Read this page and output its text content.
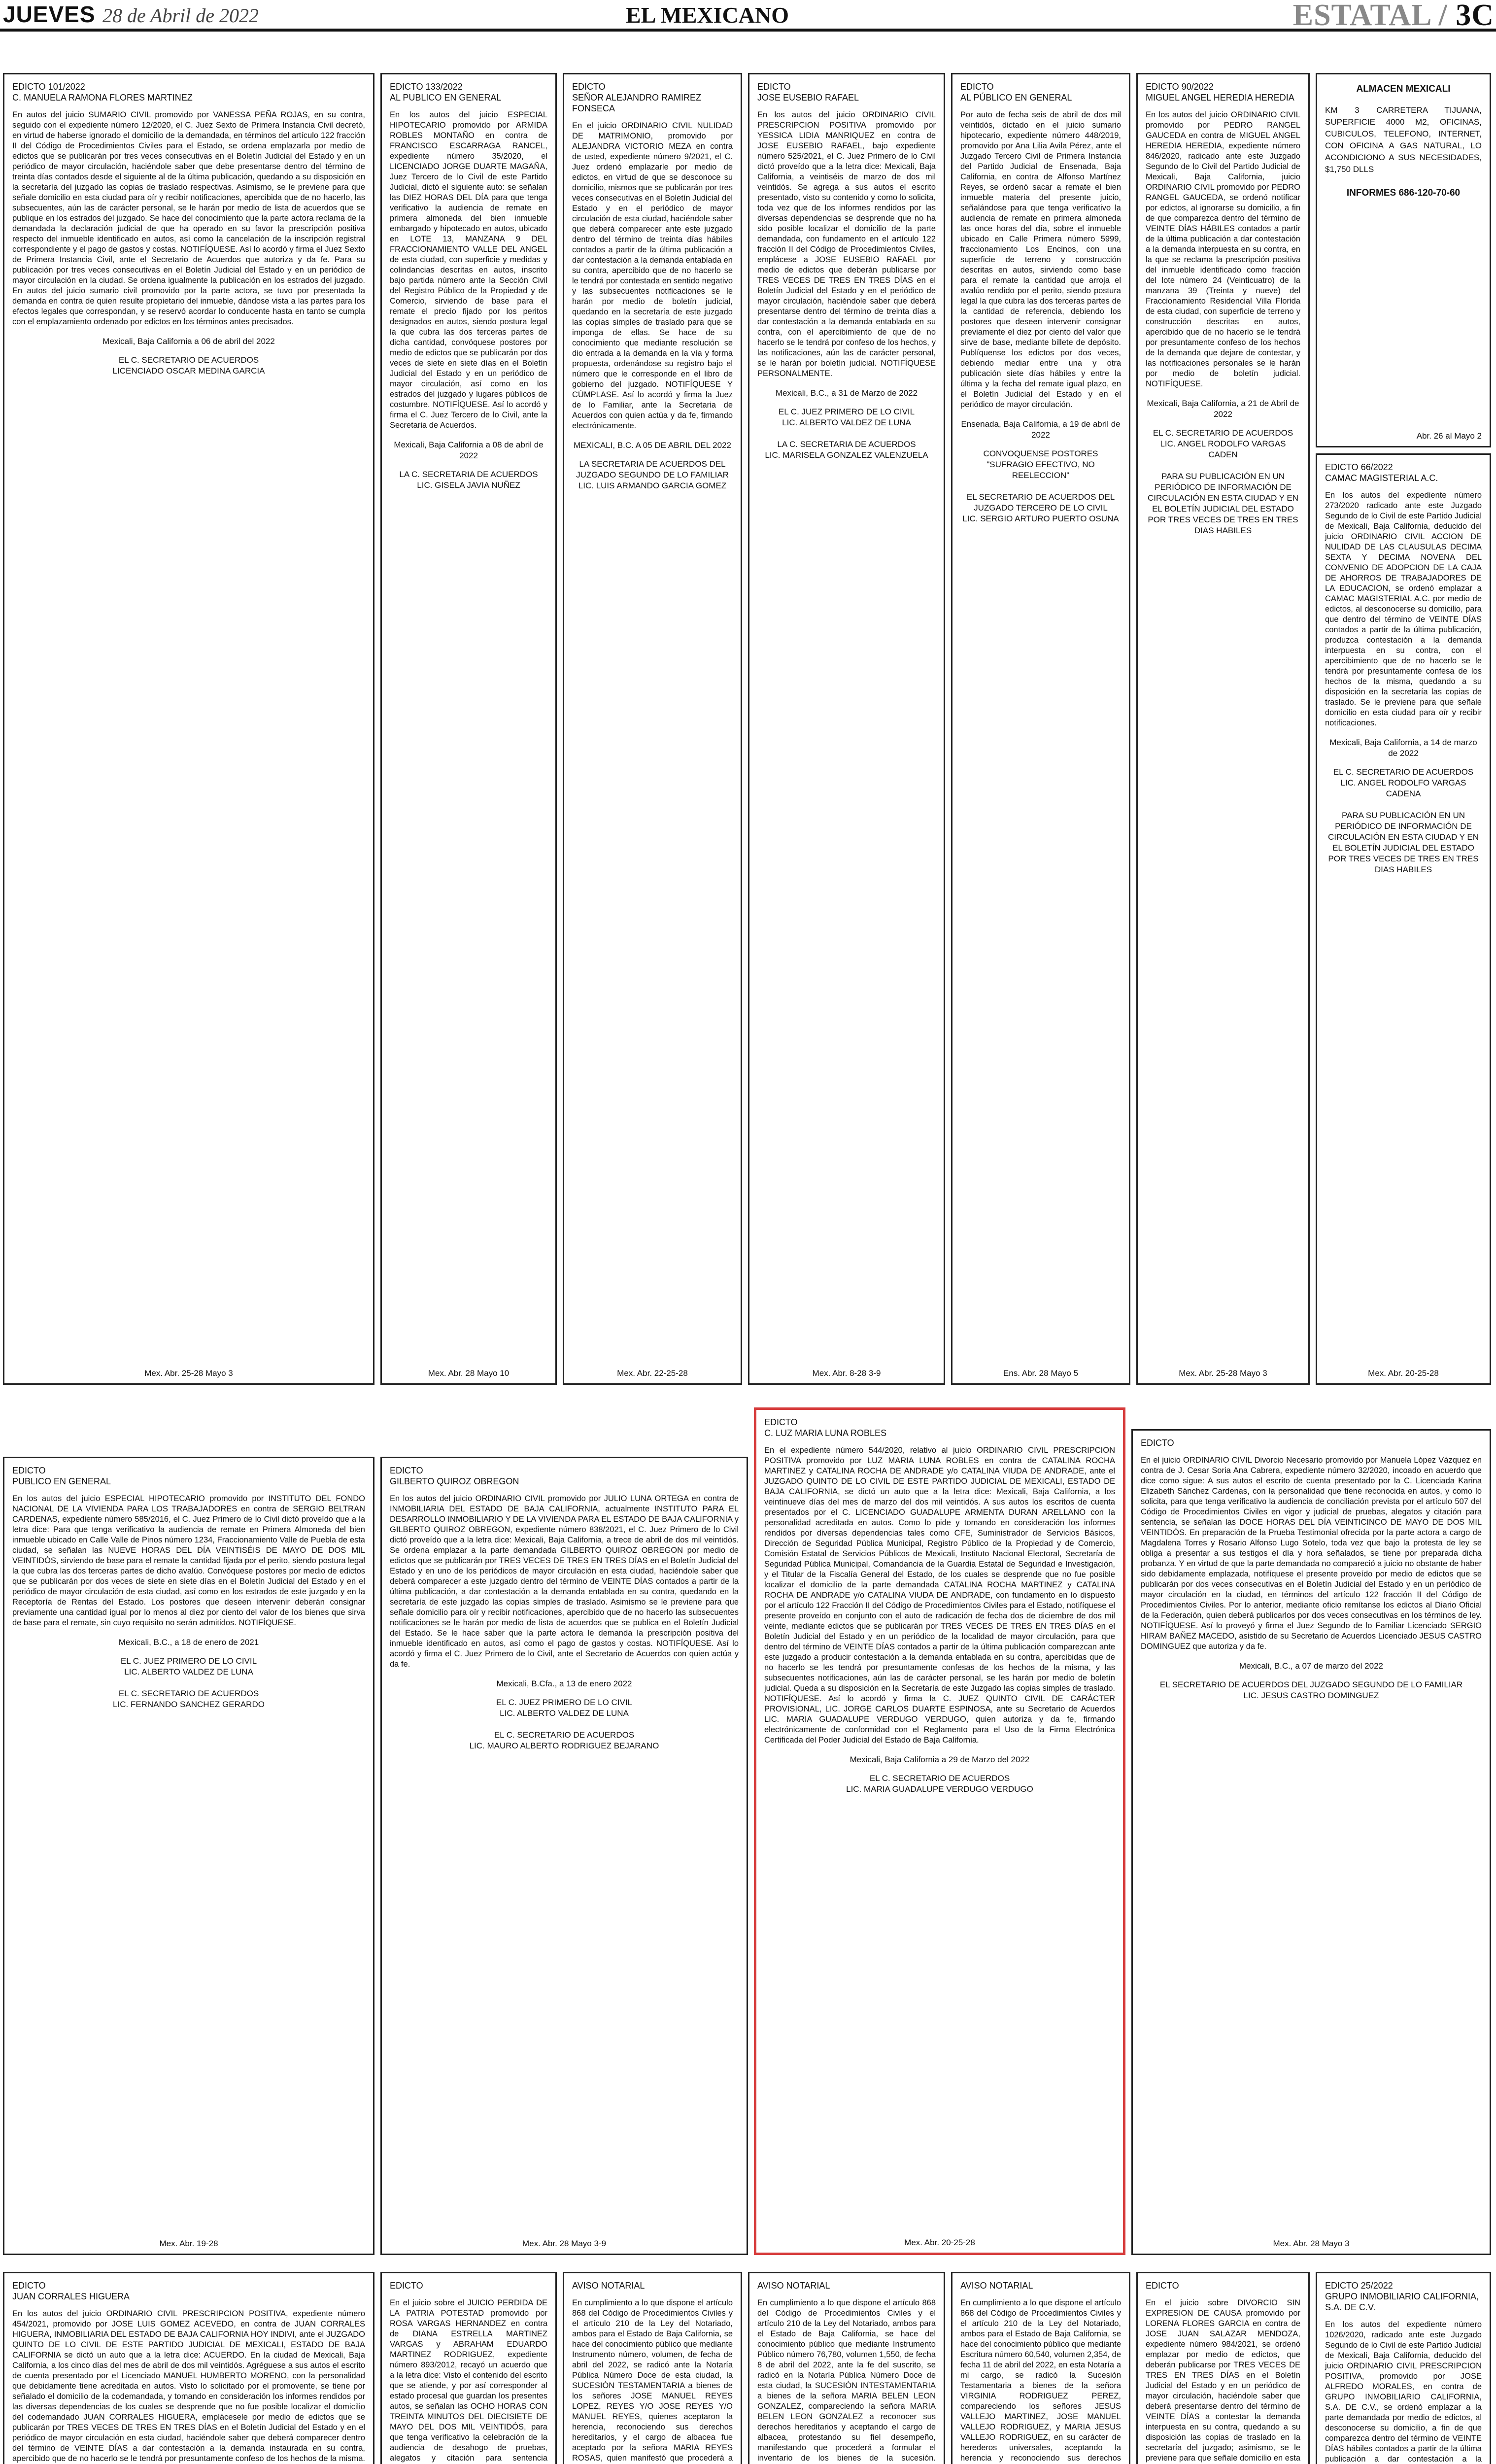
JUEVES 28 de Abril de 2022	EL MEXICANO	ESTATAL / 3C
EDICTO 101/2022
C. MANUELA RAMONA FLORES MARTINEZ
En autos del juicio SUMARIO CIVIL promovido por VANESSA PEÑA ROJAS, en su contra, seguido con el expediente número 12/2020, el C. Juez Sexto de Primera Instancia Civil decretó, en virtud de haberse ignorado el domicilio de la demandada, en términos del artículo 122 fracción II del Código de Procedimientos Civiles para el Estado, se ordena emplazarla por medio de edictos que se publicarán por tres veces consecutivas en el Boletín Judicial del Estado y en un periódico de mayor circulación, haciéndole saber que debe presentarse dentro del término de treinta días contados desde el siguiente al de la última publicación, quedando a su disposición en la secretaría del juzgado las copias de traslado respectivas. Asimismo, se le previene para que señale domicilio en esta ciudad para oír y recibir notificaciones, apercibida que de no hacerlo, las subsecuentes, aún las de carácter personal, se le harán por medio de lista de acuerdos que se publique en los estrados del juzgado. Se hace del conocimiento que la parte actora reclama de la demandada la declaración judicial de que ha operado en su favor la prescripción positiva respecto del inmueble identificado en autos, así como la cancelación de la inscripción registral correspondiente y el pago de gastos y costas. NOTIFÍQUESE. Así lo acordó y firma el Juez Sexto de Primera Instancia Civil, ante el Secretario de Acuerdos que autoriza y da fe. Para su publicación por tres veces consecutivas en el Boletín Judicial del Estado y en un periódico de mayor circulación en la ciudad. Se ordena igualmente la publicación en los estrados del juzgado. En autos del juicio sumario civil promovido por la parte actora, se tuvo por presentada la demanda en contra de quien resulte propietario del inmueble, dándose vista a las partes para los efectos legales que correspondan, y se reservó acordar lo conducente hasta en tanto se cumpla con el emplazamiento ordenado por edictos en los términos antes precisados.
Mexicali, Baja California a 06 de abril del 2022
EL C. SECRETARIO DE ACUERDOS
LICENCIADO OSCAR MEDINA GARCIA
Mex. Abr. 25-28 Mayo 3
EDICTO 133/2022
AL PUBLICO EN GENERAL
En los autos del juicio ESPECIAL HIPOTECARIO promovido por ARMIDA ROBLES MONTAÑO en contra de FRANCISCO ESCARRAGA RANCEL, expediente número 35/2020, el LICENCIADO JORGE DUARTE MAGAÑA, Juez Tercero de lo Civil de este Partido Judicial, dictó el siguiente auto: se señalan las DIEZ HORAS DEL DÍA para que tenga verificativo la audiencia de remate en primera almoneda del bien inmueble embargado y hipotecado en autos, ubicado en LOTE 13, MANZANA 9 DEL FRACCIONAMIENTO VALLE DEL ANGEL de esta ciudad, con superficie y medidas y colindancias descritas en autos, inscrito bajo partida número ante la Sección Civil del Registro Público de la Propiedad y de Comercio, sirviendo de base para el remate el precio fijado por los peritos designados en autos, siendo postura legal la que cubra las dos terceras partes de dicha cantidad, convóquese postores por medio de edictos que se publicarán por dos veces de siete en siete días en el Boletín Judicial del Estado y en un periódico de mayor circulación, así como en los estrados del juzgado y lugares públicos de costumbre. NOTIFÍQUESE. Así lo acordó y firma el C. Juez Tercero de lo Civil, ante la Secretaria de Acuerdos.
Mexicali, Baja California a 08 de abril de 2022
LA C. SECRETARIA DE ACUERDOS
LIC. GISELA JAVIA NUÑEZ
Mex. Abr. 28 Mayo 10
EDICTO
SEÑOR ALEJANDRO RAMIREZ FONSECA
En el juicio ORDINARIO CIVIL NULIDAD DE MATRIMONIO, promovido por ALEJANDRA VICTORIO MEZA en contra de usted, expediente número 9/2021, el C. Juez ordenó emplazarle por medio de edictos, en virtud de que se desconoce su domicilio, mismos que se publicarán por tres veces consecutivas en el Boletín Judicial del Estado y en el periódico de mayor circulación de esta ciudad, haciéndole saber que deberá comparecer ante este juzgado dentro del término de treinta días hábiles contados a partir de la última publicación a dar contestación a la demanda entablada en su contra, apercibido que de no hacerlo se le tendrá por contestada en sentido negativo y las subsecuentes notificaciones se le harán por medio de boletín judicial, quedando en la secretaría de este juzgado las copias simples de traslado para que se imponga de ellas. Se hace de su conocimiento que mediante resolución se dio entrada a la demanda en la vía y forma propuesta, ordenándose su registro bajo el número que le corresponde en el libro de gobierno del juzgado. NOTIFÍQUESE Y CÚMPLASE. Así lo acordó y firma la Juez de lo Familiar, ante la Secretaria de Acuerdos con quien actúa y da fe, firmando electrónicamente.
MEXICALI, B.C. A 05 DE ABRIL DEL 2022
LA SECRETARIA DE ACUERDOS DEL JUZGADO SEGUNDO DE LO FAMILIAR
LIC. LUIS ARMANDO GARCIA GOMEZ
Mex. Abr. 22-25-28
EDICTO
JOSE EUSEBIO RAFAEL
En los autos del juicio ORDINARIO CIVIL PRESCRIPCION POSITIVA promovido por YESSICA LIDIA MANRIQUEZ en contra de JOSE EUSEBIO RAFAEL, bajo expediente número 525/2021, el C. Juez Primero de lo Civil dictó proveído que a la letra dice: Mexicali, Baja California, a veintiséis de marzo de dos mil veintidós. Se agrega a sus autos el escrito presentado, visto su contenido y como lo solicita, toda vez que de los informes rendidos por las diversas dependencias se desprende que no ha sido posible localizar el domicilio de la parte demandada, con fundamento en el artículo 122 fracción II del Código de Procedimientos Civiles, emplácese a JOSE EUSEBIO RAFAEL por medio de edictos que deberán publicarse por TRES VECES DE TRES EN TRES DÍAS en el Boletín Judicial del Estado y en el periódico de mayor circulación, haciéndole saber que deberá presentarse dentro del término de treinta días a dar contestación a la demanda entablada en su contra, con el apercibimiento de que de no hacerlo se le tendrá por confeso de los hechos, y las notificaciones, aún las de carácter personal, se le harán por boletín judicial. NOTIFÍQUESE PERSONALMENTE.
Mexicali, B.C., a 31 de Marzo de 2022
EL C. JUEZ PRIMERO DE LO CIVIL
LIC. ALBERTO VALDEZ DE LUNA

LA C. SECRETARIA DE ACUERDOS
LIC. MARISELA GONZALEZ VALENZUELA
Mex. Abr. 8-28 3-9
EDICTO
AL PÚBLICO EN GENERAL
Por auto de fecha seis de abril de dos mil veintidós, dictado en el juicio sumario hipotecario, expediente número 448/2019, promovido por Ana Lilia Avila Pérez, ante el Juzgado Tercero Civil de Primera Instancia del Partido Judicial de Ensenada, Baja California, en contra de Alfonso Martínez Reyes, se ordenó sacar a remate el bien inmueble materia del presente juicio, señalándose para que tenga verificativo la audiencia de remate en primera almoneda las once horas del día, sobre el inmueble ubicado en Calle Primera número 5999, fraccionamiento Los Encinos, con una superficie de terreno y construcción descritas en autos, sirviendo como base para el remate la cantidad que arroja el avalúo rendido por el perito, siendo postura legal la que cubra las dos terceras partes de la cantidad de referencia, debiendo los postores que deseen intervenir consignar previamente el diez por ciento del valor que sirve de base, mediante billete de depósito. Publíquense los edictos por dos veces, debiendo mediar entre una y otra publicación siete días hábiles y entre la última y la fecha del remate igual plazo, en el Boletín Judicial del Estado y en el periódico de mayor circulación.
Ensenada, Baja California, a 19 de abril de 2022
CONVOQUENSE POSTORES
"SUFRAGIO EFECTIVO, NO REELECCION"

EL SECRETARIO DE ACUERDOS DEL JUZGADO TERCERO DE LO CIVIL
LIC. SERGIO ARTURO PUERTO OSUNA
Ens. Abr. 28 Mayo 5
EDICTO 90/2022
MIGUEL ANGEL HEREDIA HEREDIA
En los autos del juicio ORDINARIO CIVIL promovido por PEDRO RANGEL GAUCEDA en contra de MIGUEL ANGEL HEREDIA HEREDIA, expediente número 846/2020, radicado ante este Juzgado Segundo de lo Civil del Partido Judicial de Mexicali, Baja California, juicio ORDINARIO CIVIL promovido por PEDRO RANGEL GAUCEDA, se ordenó notificar por edictos, al ignorarse su domicilio, a fin de que comparezca dentro del término de VEINTE DÍAS HÁBILES contados a partir de la última publicación a dar contestación a la demanda interpuesta en su contra, en la que se reclama la prescripción positiva del inmueble identificado como fracción del lote número 24 (Veinticuatro) de la manzana 39 (Treinta y nueve) del Fraccionamiento Residencial Villa Florida de esta ciudad, con superficie de terreno y construcción descritas en autos, apercibido que de no hacerlo se le tendrá por presuntamente confeso de los hechos de la demanda que dejare de contestar, y las notificaciones personales se le harán por medio de boletín judicial. NOTIFÍQUESE.
Mexicali, Baja California, a 21 de Abril de 2022
EL C. SECRETARIO DE ACUERDOS
LIC. ANGEL RODOLFO VARGAS CADEN

PARA SU PUBLICACIÓN EN UN PERIÓDICO DE INFORMACIÓN DE CIRCULACIÓN EN ESTA CIUDAD Y EN EL BOLETÍN JUDICIAL DEL ESTADO POR TRES VECES DE TRES EN TRES DIAS HABILES
Mex. Abr. 25-28 Mayo 3
ALMACEN MEXICALI
KM 3 CARRETERA TIJUANA, SUPERFICIE 4000 M2, OFICINAS, CUBICULOS, TELEFONO, INTERNET, CON OFICINA A GAS NATURAL, LO ACONDICIONO A SUS NECESIDADES, $1,750 DLLS
INFORMES 686-120-70-60
Abr. 26 al Mayo 2
EDICTO 66/2022
CAMAC MAGISTERIAL A.C.
En los autos del expediente número 273/2020 radicado ante este Juzgado Segundo de lo Civil de este Partido Judicial de Mexicali, Baja California, deducido del juicio ORDINARIO CIVIL ACCION DE NULIDAD DE LAS CLAUSULAS DECIMA SEXTA Y DECIMA NOVENA DEL CONVENIO DE ADOPCION DE LA CAJA DE AHORROS DE TRABAJADORES DE LA EDUCACION, se ordenó emplazar a CAMAC MAGISTERIAL A.C. por medio de edictos, al desconocerse su domicilio, para que dentro del término de VEINTE DÍAS contados a partir de la última publicación, produzca contestación a la demanda interpuesta en su contra, con el apercibimiento que de no hacerlo se le tendrá por presuntamente confesa de los hechos de la misma, quedando a su disposición en la secretaría las copias de traslado. Se le previene para que señale domicilio en esta ciudad para oír y recibir notificaciones.
Mexicali, Baja California, a 14 de marzo de 2022
EL C. SECRETARIO DE ACUERDOS
LIC. ANGEL RODOLFO VARGAS CADENA

PARA SU PUBLICACIÓN EN UN PERIÓDICO DE INFORMACIÓN DE CIRCULACIÓN EN ESTA CIUDAD Y EN EL BOLETÍN JUDICIAL DEL ESTADO POR TRES VECES DE TRES EN TRES DIAS HABILES
Mex. Abr. 20-25-28
EDICTO
PUBLICO EN GENERAL
En los autos del juicio ESPECIAL HIPOTECARIO promovido por INSTITUTO DEL FONDO NACIONAL DE LA VIVIENDA PARA LOS TRABAJADORES en contra de SERGIO BELTRAN CARDENAS, expediente número 585/2016, el C. Juez Primero de lo Civil dictó proveído que a la letra dice: Para que tenga verificativo la audiencia de remate en Primera Almoneda del bien inmueble ubicado en Calle Valle de Pinos número 1234, Fraccionamiento Valle de Puebla de esta ciudad, se señalan las NUEVE HORAS DEL DÍA VEINTISÉIS DE MAYO DE DOS MIL VEINTIDÓS, sirviendo de base para el remate la cantidad fijada por el perito, siendo postura legal la que cubra las dos terceras partes de dicho avalúo. Convóquese postores por medio de edictos que se publicarán por dos veces de siete en siete días en el Boletín Judicial del Estado y en el periódico de mayor circulación de esta ciudad, así como en los estrados de este juzgado y en la Receptoría de Rentas del Estado. Los postores que deseen intervenir deberán consignar previamente una cantidad igual por lo menos al diez por ciento del valor de los bienes que sirva de base para el remate, sin cuyo requisito no serán admitidos. NOTIFÍQUESE.
Mexicali, B.C., a 18 de enero de 2021
EL C. JUEZ PRIMERO DE LO CIVIL
LIC. ALBERTO VALDEZ DE LUNA

EL C. SECRETARIO DE ACUERDOS
LIC. FERNANDO SANCHEZ GERARDO
Mex. Abr. 19-28
EDICTO
GILBERTO QUIROZ OBREGON
En los autos del juicio ORDINARIO CIVIL promovido por JULIO LUNA ORTEGA en contra de INMOBILIARIA DEL ESTADO DE BAJA CALIFORNIA, actualmente INSTITUTO PARA EL DESARROLLO INMOBILIARIO Y DE LA VIVIENDA PARA EL ESTADO DE BAJA CALIFORNIA y GILBERTO QUIROZ OBREGON, expediente número 838/2021, el C. Juez Primero de lo Civil dictó proveído que a la letra dice: Mexicali, Baja California, a trece de abril de dos mil veintidós. Se ordena emplazar a la parte demandada GILBERTO QUIROZ OBREGON por medio de edictos que se publicarán por TRES VECES DE TRES EN TRES DÍAS en el Boletín Judicial del Estado y en uno de los periódicos de mayor circulación en esta ciudad, haciéndole saber que deberá comparecer a este juzgado dentro del término de VEINTE DÍAS contados a partir de la última publicación, a dar contestación a la demanda entablada en su contra, quedando en la secretaría de este juzgado las copias simples de traslado. Asimismo se le previene para que señale domicilio para oír y recibir notificaciones, apercibido que de no hacerlo las subsecuentes notificaciones se le harán por medio de lista de acuerdos que se publica en el Boletín Judicial del Estado. Se le hace saber que la parte actora le demanda la prescripción positiva del inmueble identificado en autos, así como el pago de gastos y costas. NOTIFÍQUESE. Así lo acordó y firma el C. Juez Primero de lo Civil, ante el Secretario de Acuerdos con quien actúa y da fe.
Mexicali, B.Cfa., a 13 de enero 2022
EL C. JUEZ PRIMERO DE LO CIVIL
LIC. ALBERTO VALDEZ DE LUNA

EL C. SECRETARIO DE ACUERDOS
LIC. MAURO ALBERTO RODRIGUEZ BEJARANO
Mex. Abr. 28 Mayo 3-9
EDICTO
C. LUZ MARIA LUNA ROBLES
En el expediente número 544/2020, relativo al juicio ORDINARIO CIVIL PRESCRIPCION POSITIVA promovido por LUZ MARIA LUNA ROBLES en contra de CATALINA ROCHA MARTINEZ y CATALINA ROCHA DE ANDRADE y/o CATALINA VIUDA DE ANDRADE, ante el JUZGADO QUINTO DE LO CIVIL DE ESTE PARTIDO JUDICIAL DE MEXICALI, ESTADO DE BAJA CALIFORNIA, se dictó un auto que a la letra dice: Mexicali, Baja California, a los veintinueve días del mes de marzo del dos mil veintidós. A sus autos los escritos de cuenta presentados por el C. LICENCIADO GUADALUPE ARMENTA DURAN ARELLANO con la personalidad acreditada en autos. Como lo pide y tomando en consideración los informes rendidos por diversas dependencias tales como CFE, Suministrador de Servicios Básicos, Dirección de Seguridad Pública Municipal, Registro Público de la Propiedad y de Comercio, Comisión Estatal de Servicios Públicos de Mexicali, Instituto Nacional Electoral, Secretaría de Seguridad Pública Municipal, Comandancia de la Guardia Estatal de Seguridad e Investigación, y el Titular de la Fiscalía General del Estado, de los cuales se desprende que no fue posible localizar el domicilio de la parte demandada CATALINA ROCHA MARTINEZ y CATALINA ROCHA DE ANDRADE y/o CATALINA VIUDA DE ANDRADE, con fundamento en lo dispuesto por el artículo 122 Fracción II del Código de Procedimientos Civiles para el Estado, notifíquese el presente proveído en conjunto con el auto de radicación de fecha dos de diciembre de dos mil veinte, mediante edictos que se publicarán por TRES VECES DE TRES EN TRES DÍAS en el Boletín Judicial del Estado y en un periódico de la localidad de mayor circulación, para que dentro del término de VEINTE DÍAS contados a partir de la última publicación comparezcan ante este juzgado a producir contestación a la demanda entablada en su contra, apercibidas que de no hacerlo se les tendrá por presuntamente confesas de los hechos de la misma, y las subsecuentes notificaciones, aún las de carácter personal, se les harán por medio de boletín judicial. Queda a su disposición en la Secretaría de este Juzgado las copias simples de traslado. NOTIFÍQUESE. Así lo acordó y firma la C. JUEZ QUINTO CIVIL DE CARÁCTER PROVISIONAL, LIC. JORGE CARLOS DUARTE ESPINOSA, ante su Secretario de Acuerdos LIC. MARIA GUADALUPE VERDUGO VERDUGO, quien autoriza y da fe, firmando electrónicamente de conformidad con el Reglamento para el Uso de la Firma Electrónica Certificada del Poder Judicial del Estado de Baja California.
Mexicali, Baja California a 29 de Marzo del 2022
EL C. SECRETARIO DE ACUERDOS
LIC. MARIA GUADALUPE VERDUGO VERDUGO
Mex. Abr. 20-25-28
EDICTO
En el juicio ORDINARIO CIVIL Divorcio Necesario promovido por Manuela López Vázquez en contra de J. Cesar Soria Ana Cabrera, expediente número 32/2020, incoado en acuerdo que dice como sigue: A sus autos el escrito de cuenta presentado por la C. Licenciada Karina Elizabeth Sánchez Cardenas, con la personalidad que tiene reconocida en autos, y como lo solicita, para que tenga verificativo la audiencia de conciliación prevista por el artículo 507 del Código de Procedimientos Civiles en vigor y judicial de pruebas, alegatos y citación para sentencia, se señalan las DOCE HORAS DEL DÍA VEINTICINCO DE MAYO DE DOS MIL VEINTIDÓS. En preparación de la Prueba Testimonial ofrecida por la parte actora a cargo de Magdalena Torres y Rosario Alfonso Lugo Sotelo, toda vez que bajo la protesta de ley se obliga a presentar a sus testigos el día y hora señalados, se tiene por preparada dicha probanza. Y en virtud de que la parte demandada no compareció a juicio no obstante de haber sido debidamente emplazada, notifíquese el presente proveído por medio de edictos que se publicarán por dos veces consecutivas en el Boletín Judicial del Estado y en un periódico de mayor circulación en la ciudad, en términos del artículo 122 fracción II del Código de Procedimientos Civiles. Por lo anterior, mediante oficio remítanse los edictos al Diario Oficial de la Federación, quien deberá publicarlos por dos veces consecutivas en los términos de ley. NOTIFÍQUESE. Así lo proveyó y firma el Juez Segundo de lo Familiar Licenciado SERGIO HIRAM BAÑEZ MACEDO, asistido de su Secretario de Acuerdos Licenciado JESUS CASTRO DOMINGUEZ que autoriza y da fe.
Mexicali, B.C., a 07 de marzo del 2022
EL SECRETARIO DE ACUERDOS DEL JUZGADO SEGUNDO DE LO FAMILIAR
LIC. JESUS CASTRO DOMINGUEZ
Mex. Abr. 28 Mayo 3
EDICTO
JUAN CORRALES HIGUERA
En los autos del juicio ORDINARIO CIVIL PRESCRIPCION POSITIVA, expediente número 454/2021, promovido por JOSE LUIS GOMEZ ACEVEDO, en contra de JUAN CORRALES HIGUERA, INMOBILIARIA DEL ESTADO DE BAJA CALIFORNIA HOY INDIVI, ante el JUZGADO QUINTO DE LO CIVIL DE ESTE PARTIDO JUDICIAL DE MEXICALI, ESTADO DE BAJA CALIFORNIA se dictó un auto que a la letra dice: ACUERDO. En la ciudad de Mexicali, Baja California, a los cinco días del mes de abril de dos mil veintidós. Agréguese a sus autos el escrito de cuenta presentado por el Licenciado MANUEL HUMBERTO MORENO, con la personalidad que debidamente tiene acreditada en autos. Visto lo solicitado por el promovente, se tiene por señalado el domicilio de la codemandada, y tomando en consideración los informes rendidos por las diversas dependencias de los cuales se desprende que no fue posible localizar el domicilio del codemandado JUAN CORRALES HIGUERA, emplácesele por medio de edictos que se publicarán por TRES VECES DE TRES EN TRES DÍAS en el Boletín Judicial del Estado y en el periódico de mayor circulación en esta ciudad, haciéndole saber que deberá comparecer dentro del término de VEINTE DÍAS a dar contestación a la demanda instaurada en su contra, apercibido que de no hacerlo se le tendrá por presuntamente confeso de los hechos de la misma.
EDICTO
En el juicio sobre el JUICIO PERDIDA DE LA PATRIA POTESTAD promovido por ROSA VARGAS HERNANDEZ en contra de DIANA ESTRELLA MARTINEZ VARGAS y ABRAHAM EDUARDO MARTINEZ RODRIGUEZ, expediente número 893/2012, recayó un acuerdo que a la letra dice: Visto el contenido del escrito que se atiende, y por así corresponder al estado procesal que guardan los presentes autos, se señalan las OCHO HORAS CON TREINTA MINUTOS DEL DIECISIETE DE MAYO DEL DOS MIL VEINTIDÓS, para que tenga verificativo la celebración de la audiencia de desahogo de pruebas, alegatos y citación para sentencia
AVISO NOTARIAL
En cumplimiento a lo que dispone el artículo 868 del Código de Procedimientos Civiles y el artículo 210 de la Ley del Notariado, ambos para el Estado de Baja California, se hace del conocimiento público que mediante Instrumento número, volumen, de fecha de abril del 2022, se radicó ante la Notaría Pública Número Doce de esta ciudad, la SUCESIÓN TESTAMENTARIA a bienes de los señores JOSE MANUEL REYES LOPEZ, REYES Y/O JOSE REYES Y/O MANUEL REYES, quienes aceptaron la herencia, reconociendo sus derechos hereditarios, y el cargo de albacea fue aceptado por la señora MARIA REYES ROSAS, quien manifestó que procederá a
AVISO NOTARIAL
En cumplimiento a lo que dispone el artículo 868 del Código de Procedimientos Civiles y el artículo 210 de la Ley del Notariado, ambos para el Estado de Baja California, se hace del conocimiento público que mediante Instrumento Público número 76,780, volumen 1,550, de fecha 8 de abril del 2022, ante la fe del suscrito, se radicó en la Notaría Pública Número Doce de esta ciudad, la SUCESIÓN INTESTAMENTARIA a bienes de la señora MARIA BELEN LEON GONZALEZ, compareciendo la señora MARIA BELEN LEON GONZALEZ a reconocer sus derechos hereditarios y aceptando el cargo de albacea, protestando su fiel desempeño, manifestando que procederá a formular el inventario de los bienes de la sucesión.
AVISO NOTARIAL
En cumplimiento a lo que dispone el artículo 868 del Código de Procedimientos Civiles y el artículo 210 de la Ley del Notariado, ambos para el Estado de Baja California, se hace del conocimiento público que mediante Escritura número 60,540, volumen 2,354, de fecha 11 de abril del 2022, en esta Notaría a mi cargo, se radicó la Sucesión Testamentaria a bienes de la señora VIRGINIA RODRIGUEZ PEREZ, compareciendo los señores JESUS VALLEJO MARTINEZ, JOSE MANUEL VALLEJO RODRIGUEZ, y MARIA JESUS VALLEJO RODRIGUEZ, en su carácter de herederos universales, aceptando la herencia y reconociendo sus derechos
EDICTO
En el juicio sobre DIVORCIO SIN EXPRESION DE CAUSA promovido por LORENA FLORES GARCIA en contra de JOSE JUAN SALAZAR MENDOZA, expediente número 984/2021, se ordenó emplazar por medio de edictos, que deberán publicarse por TRES VECES DE TRES EN TRES DÍAS en el Boletín Judicial del Estado y en un periódico de mayor circulación, haciéndole saber que deberá presentarse dentro del término de VEINTE DÍAS a contestar la demanda interpuesta en su contra, quedando a su disposición las copias de traslado en la secretaría del juzgado; asimismo, se le previene para que señale domicilio en esta
EDICTO 25/2022
GRUPO INMOBILIARIO CALIFORNIA, S.A. DE C.V.
En los autos del expediente número 1026/2020, radicado ante este Juzgado Segundo de lo Civil de este Partido Judicial de Mexicali, Baja California, deducido del juicio ORDINARIO CIVIL PRESCRIPCION POSITIVA, promovido por JOSE ALFREDO MORALES, en contra de GRUPO INMOBILIARIO CALIFORNIA, S.A. DE C.V., se ordenó emplazar a la parte demandada por medio de edictos, al desconocerse su domicilio, a fin de que comparezca dentro del término de VEINTE DÍAS hábiles contados a partir de la última publicación a dar contestación a la
